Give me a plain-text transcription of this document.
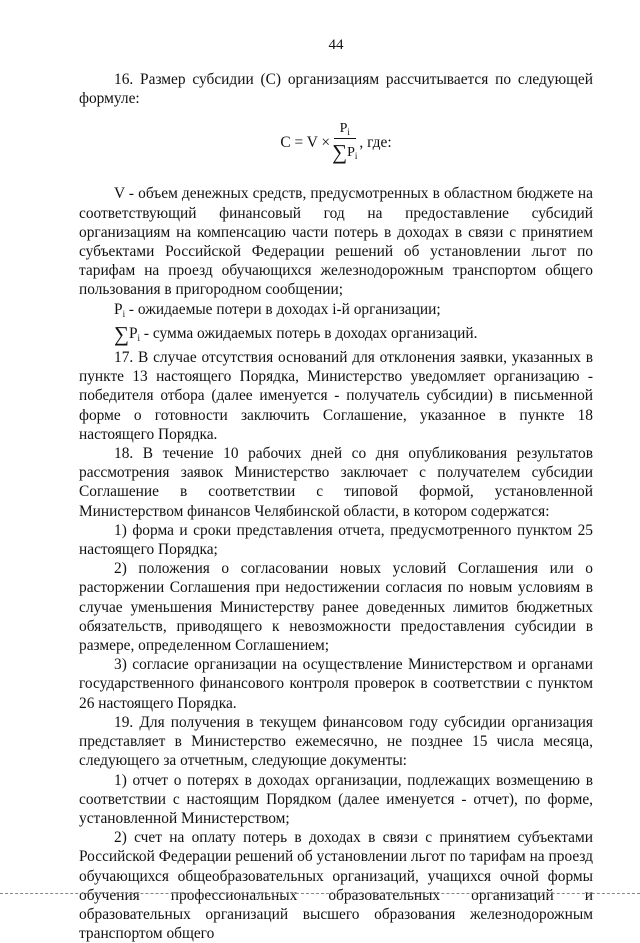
44

16. Размер субсидии (С) организациям рассчитывается по следующей формуле:

$C = V \times \frac{P_i}{\sum P_i}$ , где:

V - объем денежных средств, предусмотренных в областном бюджете на соответствующий финансовый год на предоставление субсидий организациям на компенсацию части потерь в доходах в связи с принятием субъектами Российской Федерации решений об установлении льгот по тарифам на проезд обучающихся железнодорожным транспортом общего пользования в пригородном сообщении;

Pi - ожидаемые потери в доходах i-й организации;

∑Pi - сумма ожидаемых потерь в доходах организаций.

17. В случае отсутствия оснований для отклонения заявки, указанных в пункте 13 настоящего Порядка, Министерство уведомляет организацию - победителя отбора (далее именуется - получатель субсидии) в письменной форме о готовности заключить Соглашение, указанное в пункте 18 настоящего Порядка.

18. В течение 10 рабочих дней со дня опубликования результатов рассмотрения заявок Министерство заключает с получателем субсидии Соглашение в соответствии с типовой формой, установленной Министерством финансов Челябинской области, в котором содержатся:

1) форма и сроки представления отчета, предусмотренного пунктом 25 настоящего Порядка;

2) положения о согласовании новых условий Соглашения или о расторжении Соглашения при недостижении согласия по новым условиям в случае уменьшения Министерству ранее доведенных лимитов бюджетных обязательств, приводящего к невозможности предоставления субсидии в размере, определенном Соглашением;

3) согласие организации на осуществление Министерством и органами государственного финансового контроля проверок в соответствии с пунктом 26 настоящего Порядка.

19. Для получения в текущем финансовом году субсидии организация представляет в Министерство ежемесячно, не позднее 15 числа месяца, следующего за отчетным, следующие документы:

1) отчет о потерях в доходах организации, подлежащих возмещению в соответствии с настоящим Порядком (далее именуется - отчет), по форме, установленной Министерством;

2) счет на оплату потерь в доходах в связи с принятием субъектами Российской Федерации решений об установлении льгот по тарифам на проезд обучающихся общеобразовательных организаций, учащихся очной формы обучения профессиональных образовательных организаций и образовательных организаций высшего образования железнодорожным транспортом общего
